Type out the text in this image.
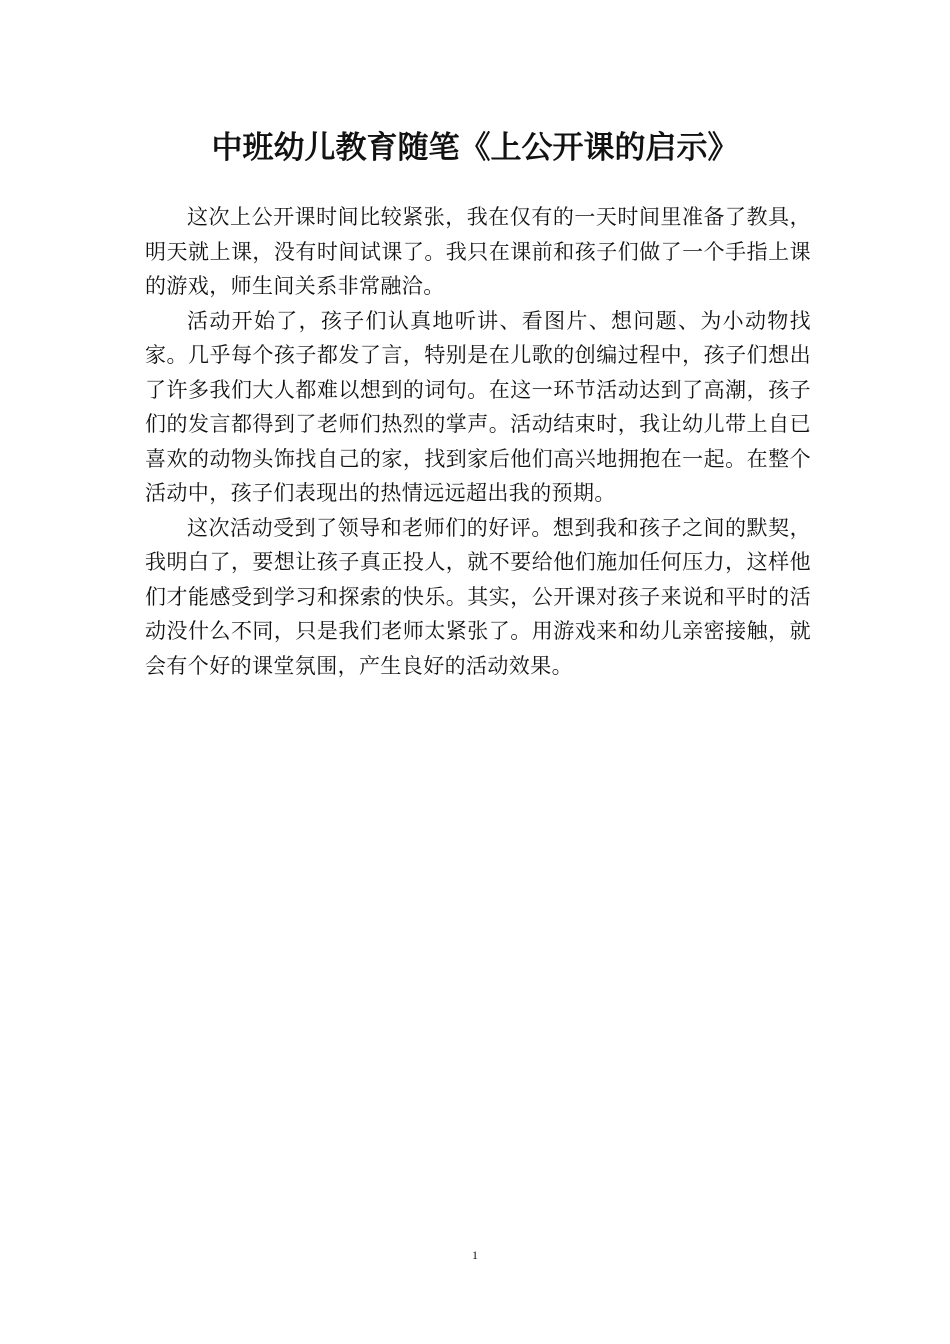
中班幼儿教育随笔《上公开课的启示》

这次上公开课时间比较紧张，我在仅有的一天时间里准备了教具，明天就上课，没有时间试课了。我只在课前和孩子们做了一个手指上课的游戏，师生间关系非常融洽。

活动开始了，孩子们认真地听讲、看图片、想问题、为小动物找家。几乎每个孩子都发了言，特别是在儿歌的创编过程中，孩子们想出了许多我们大人都难以想到的词句。在这一环节活动达到了高潮，孩子们的发言都得到了老师们热烈的掌声。活动结束时，我让幼儿带上自已喜欢的动物头饰找自己的家，找到家后他们高兴地拥抱在一起。在整个活动中，孩子们表现出的热情远远超出我的预期。

这次活动受到了领导和老师们的好评。想到我和孩子之间的默契，我明白了，要想让孩子真正投人，就不要给他们施加任何压力，这样他们才能感受到学习和探索的快乐。其实，公开课对孩子来说和平时的活动没什么不同，只是我们老师太紧张了。用游戏来和幼儿亲密接触，就会有个好的课堂氛围，产生良好的活动效果。

1
